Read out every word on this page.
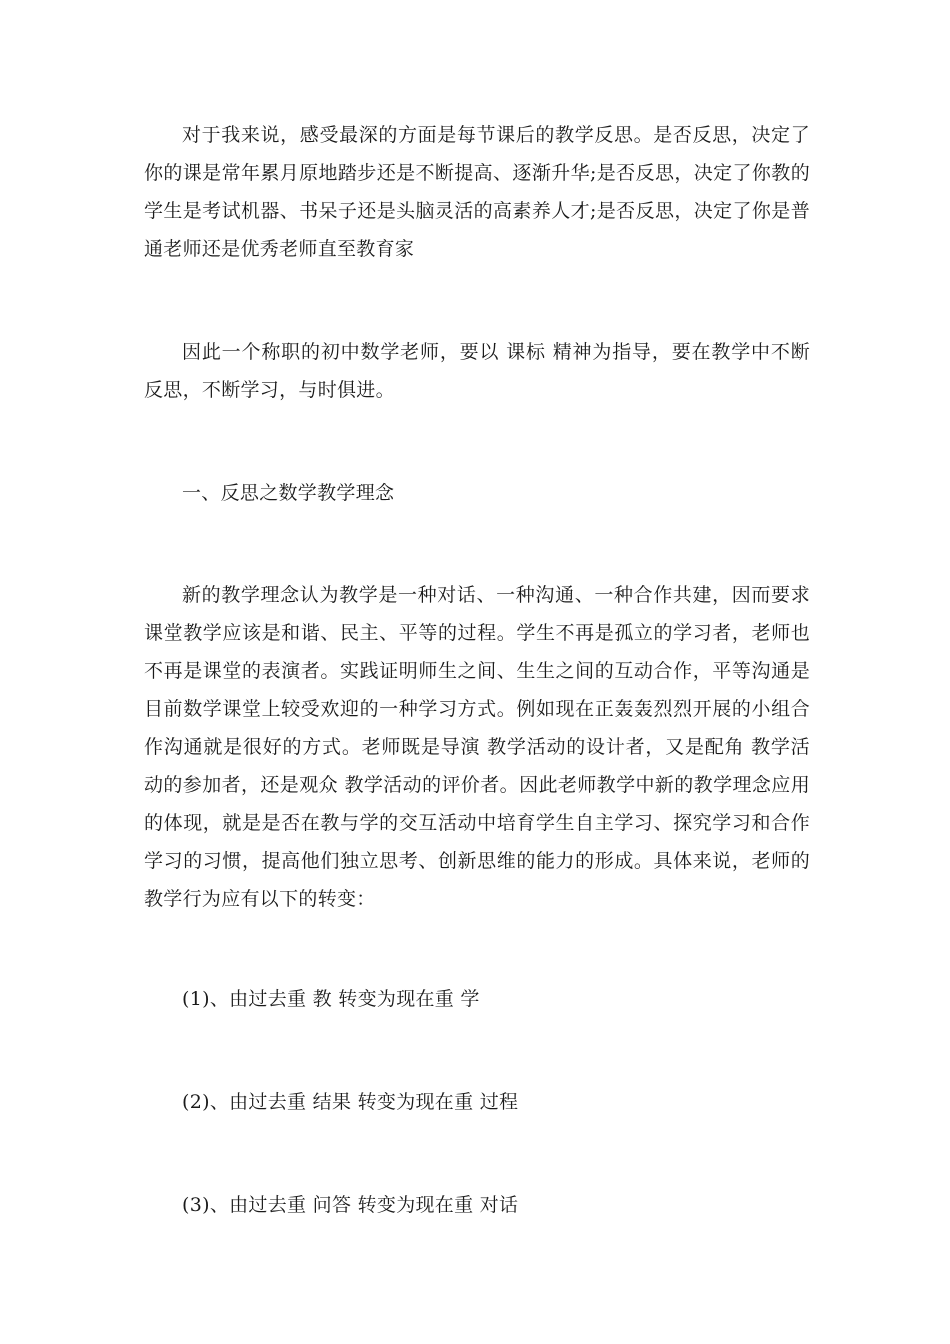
对于我来说，感受最深的方面是每节课后的教学反思。是否反思，决定了你的课是常年累月原地踏步还是不断提高、逐渐升华;是否反思，决定了你教的学生是考试机器、书呆子还是头脑灵活的高素养人才;是否反思，决定了你是普通老师还是优秀老师直至教育家

因此一个称职的初中数学老师，要以 课标 精神为指导，要在教学中不断反思，不断学习，与时俱进。

一、反思之数学教学理念

新的教学理念认为教学是一种对话、一种沟通、一种合作共建，因而要求课堂教学应该是和谐、民主、平等的过程。学生不再是孤立的学习者，老师也不再是课堂的表演者。实践证明师生之间、生生之间的互动合作，平等沟通是目前数学课堂上较受欢迎的一种学习方式。例如现在正轰轰烈烈开展的小组合作沟通就是很好的方式。老师既是导演 教学活动的设计者，又是配角 教学活动的参加者，还是观众 教学活动的评价者。因此老师教学中新的教学理念应用的体现，就是是否在教与学的交互活动中培育学生自主学习、探究学习和合作学习的习惯，提高他们独立思考、创新思维的能力的形成。具体来说，老师的教学行为应有以下的转变：

(1)、由过去重 教 转变为现在重 学

(2)、由过去重 结果 转变为现在重 过程

(3)、由过去重 问答 转变为现在重 对话
